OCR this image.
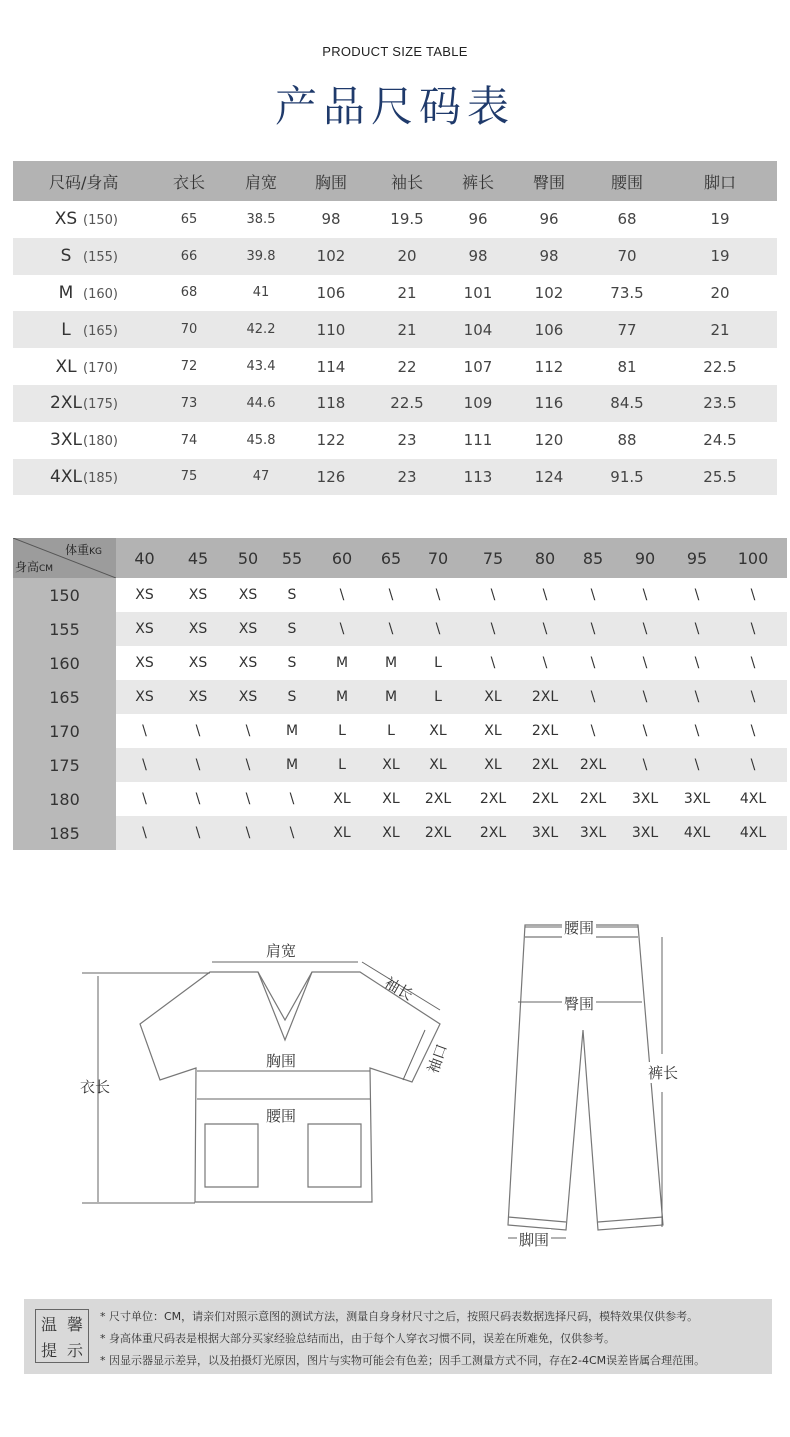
PRODUCT SIZE TABLE
产品尺码表
尺码/身高	衣长	肩宽	胸围	袖长	裤长	臀围	腰围	脚口
XS (150)	65	38.5	98	19.5	96	96	68	19
S (155)	66	39.8	102	20	98	98	70	19
M (160)	68	41	106	21	101	102	73.5	20
L (165)	70	42.2	110	21	104	106	77	21
XL (170)	72	43.4	114	22	107	112	81	22.5
2XL(175)	73	44.6	118	22.5	109	116	84.5	23.5
3XL(180)	74	45.8	122	23	111	120	88	24.5
4XL(185)	75	47	126	23	113	124	91.5	25.5
体重KG
身高CM	40	45	50	55	60	65	70	75	80	85	90	95	100
150	XS	XS	XS	S	\	\	\	\	\	\	\	\	\
155	XS	XS	XS	S	\	\	\	\	\	\	\	\	\
160	XS	XS	XS	S	M	M	L	\	\	\	\	\	\
165	XS	XS	XS	S	M	M	L	XL	2XL	\	\	\	\
170	\	\	\	M	L	L	XL	XL	2XL	\	\	\	\
175	\	\	\	M	L	XL	XL	XL	2XL	2XL	\	\	\
180	\	\	\	\	XL	XL	2XL	2XL	2XL	2XL	3XL	3XL	4XL
185	\	\	\	\	XL	XL	2XL	2XL	3XL	3XL	3XL	4XL	4XL
肩宽
袖长
袖口
衣长
胸围
腰围
腰围
臀围
裤长
脚围
温 馨
提 示
* 尺寸单位：CM，请亲们对照示意图的测试方法，测量自身身材尺寸之后，按照尺码表数据选择尺码，模特效果仅供参考。
* 身高体重尺码表是根据大部分买家经验总结而出，由于每个人穿衣习惯不同，误差在所难免，仅供参考。
* 因显示器显示差异，以及拍摄灯光原因，图片与实物可能会有色差；因手工测量方式不同，存在2-4CM误差皆属合理范围。
